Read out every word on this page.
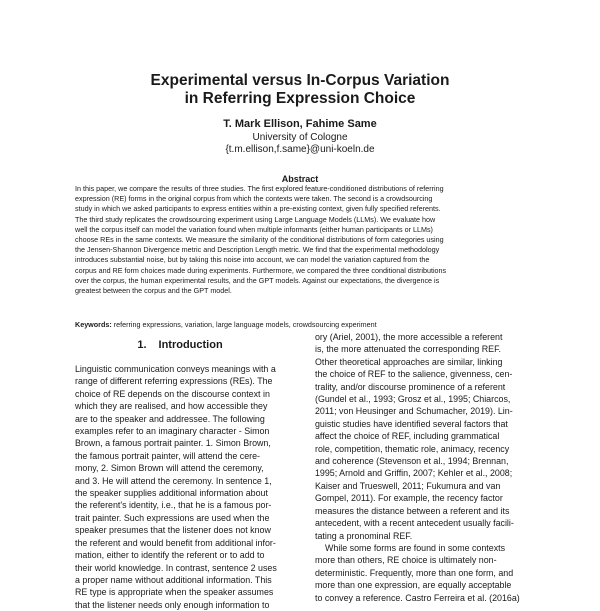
Experimental versus In-Corpus Variation
in Referring Expression Choice
T. Mark Ellison, Fahime Same
University of Cologne
{t.m.ellison,f.same}@uni-koeln.de
Abstract
In this paper, we compare the results of three studies. The first explored feature-conditioned distributions of referring
expression (RE) forms in the original corpus from which the contexts were taken. The second is a crowdsourcing
study in which we asked participants to express entities within a pre-existing context, given fully specified referents.
The third study replicates the crowdsourcing experiment using Large Language Models (LLMs). We evaluate how
well the corpus itself can model the variation found when multiple informants (either human participants or LLMs)
choose REs in the same contexts. We measure the similarity of the conditional distributions of form categories using
the Jensen-Shannon Divergence metric and Description Length metric. We find that the experimental methodology
introduces substantial noise, but by taking this noise into account, we can model the variation captured from the
corpus and RE form choices made during experiments. Furthermore, we compared the three conditional distributions
over the corpus, the human experimental results, and the GPT models. Against our expectations, the divergence is
greatest between the corpus and the GPT model.
Keywords: referring expressions, variation, large language models, crowdsourcing experiment
1. Introduction
Linguistic communication conveys meanings with a
range of different referring expressions (REs). The
choice of RE depends on the discourse context in
which they are realised, and how accessible they
are to the speaker and addressee. The following
examples refer to an imaginary character - Simon
Brown, a famous portrait painter. 1. Simon Brown,
the famous portrait painter, will attend the cere-
mony, 2. Simon Brown will attend the ceremony,
and 3. He will attend the ceremony. In sentence 1,
the speaker supplies additional information about
the referent's identity, i.e., that he is a famous por-
trait painter. Such expressions are used when the
speaker presumes that the listener does not know
the referent and would benefit from additional infor-
mation, either to identify the referent or to add to
their world knowledge. In contrast, sentence 2 uses
a proper name without additional information. This
RE type is appropriate when the speaker assumes
that the listener needs only enough information to
ory (Ariel, 2001), the more accessible a referent
is, the more attenuated the corresponding REF.
Other theoretical approaches are similar, linking
the choice of REF to the salience, givenness, cen-
trality, and/or discourse prominence of a referent
(Gundel et al., 1993; Grosz et al., 1995; Chiarcos,
2011; von Heusinger and Schumacher, 2019). Lin-
guistic studies have identified several factors that
affect the choice of REF, including grammatical
role, competition, thematic role, animacy, recency
and coherence (Stevenson et al., 1994; Brennan,
1995; Arnold and Griffin, 2007; Kehler et al., 2008;
Kaiser and Trueswell, 2011; Fukumura and van
Gompel, 2011). For example, the recency factor
measures the distance between a referent and its
antecedent, with a recent antecedent usually facili-
tating a pronominal REF.
While some forms are found in some contexts
more than others, RE choice is ultimately non-
deterministic. Frequently, more than one form, and
more than one expression, are equally acceptable
to convey a reference. Castro Ferreira et al. (2016a)
